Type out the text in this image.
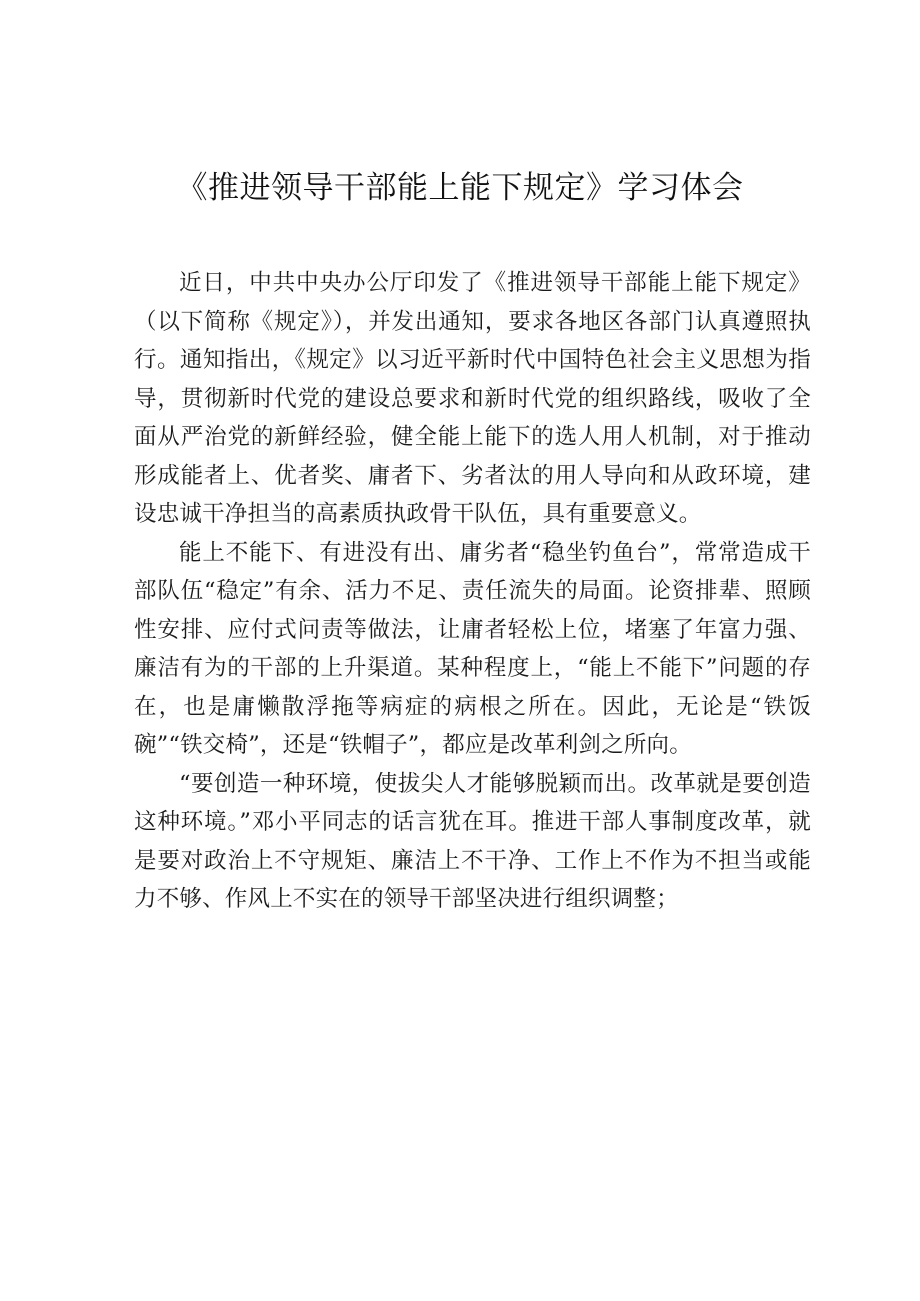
《推进领导干部能上能下规定》学习体会

近日，中共中央办公厅印发了《推进领导干部能上能下规定》（以下简称《规定》），并发出通知，要求各地区各部门认真遵照执行。通知指出，《规定》以习近平新时代中国特色社会主义思想为指导，贯彻新时代党的建设总要求和新时代党的组织路线，吸收了全面从严治党的新鲜经验，健全能上能下的选人用人机制，对于推动形成能者上、优者奖、庸者下、劣者汰的用人导向和从政环境，建设忠诚干净担当的高素质执政骨干队伍，具有重要意义。

能上不能下、有进没有出、庸劣者“稳坐钓鱼台”，常常造成干部队伍“稳定”有余、活力不足、责任流失的局面。论资排辈、照顾性安排、应付式问责等做法，让庸者轻松上位，堵塞了年富力强、廉洁有为的干部的上升渠道。某种程度上，“能上不能下”问题的存在，也是庸懒散浮拖等病症的病根之所在。因此，无论是“铁饭碗”“铁交椅”，还是“铁帽子”，都应是改革利剑之所向。

“要创造一种环境，使拔尖人才能够脱颖而出。改革就是要创造这种环境。”邓小平同志的话言犹在耳。推进干部人事制度改革，就是要对政治上不守规矩、廉洁上不干净、工作上不作为不担当或能力不够、作风上不实在的领导干部坚决进行组织调整；
